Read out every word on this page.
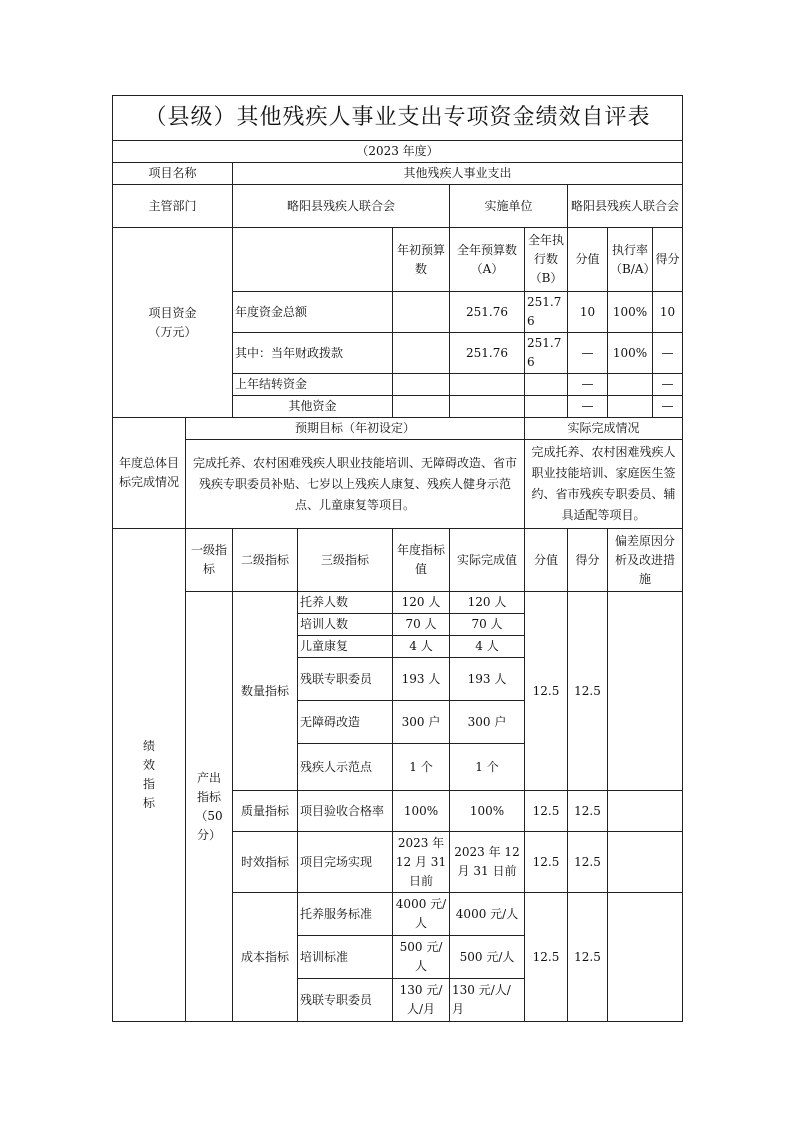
（县级）其他残疾人事业支出专项资金绩效自评表									
（2023 年度）									
项目名称		其他残疾人事业支出							
主管部门		略阳县残疾人联合会			实施单位		略阳县残疾人联合会		
项目资金
（万元）				年初预算数	全年预算数（A）	全年执行数（B）	分值	执行率（B/A）	得分
		年度资金总额			251.76	251.76	10	100%	10
		其中：当年财政拨款			251.76	251.76	—	100%	—
		上年结转资金					—		—
		其他资金					—		—
年度总体目标完成情况	预期目标（年初设定）					实际完成情况			
	完成托养、农村困难残疾人职业技能培训、无障碍改造、省市残疾专职委员补贴、七岁以上残疾人康复、残疾人健身示范点、儿童康复等项目。					完成托养、农村困难残疾人职业技能培训、家庭医生签约、省市残疾专职委员、辅具适配等项目。			

绩
效
指
标	一级指标	二级指标	三级指标	年度指标值	实际完成值	分值	得分	偏差原因分析及改进措施	
	产出指标（50分）	数量指标	托养人数	120 人	120 人	12.5	12.5		
			培训人数	70 人	70 人				
			儿童康复	4 人	4 人				
			残联专职委员	193 人	193 人				
			无障碍改造	300 户	300 户				
			残疾人示范点	1 个	1 个				
		质量指标	项目验收合格率	100%	100%	12.5	12.5		
		时效指标	项目完场实现	2023 年 12 月 31 日前	2023 年 12 月 31 日前	12.5	12.5		
		成本指标	托养服务标准	4000 元/人	4000 元/人	12.5	12.5		
			培训标准	500 元/人	500 元/人				
			残联专职委员	130 元/人/月	130 元/人/月				
